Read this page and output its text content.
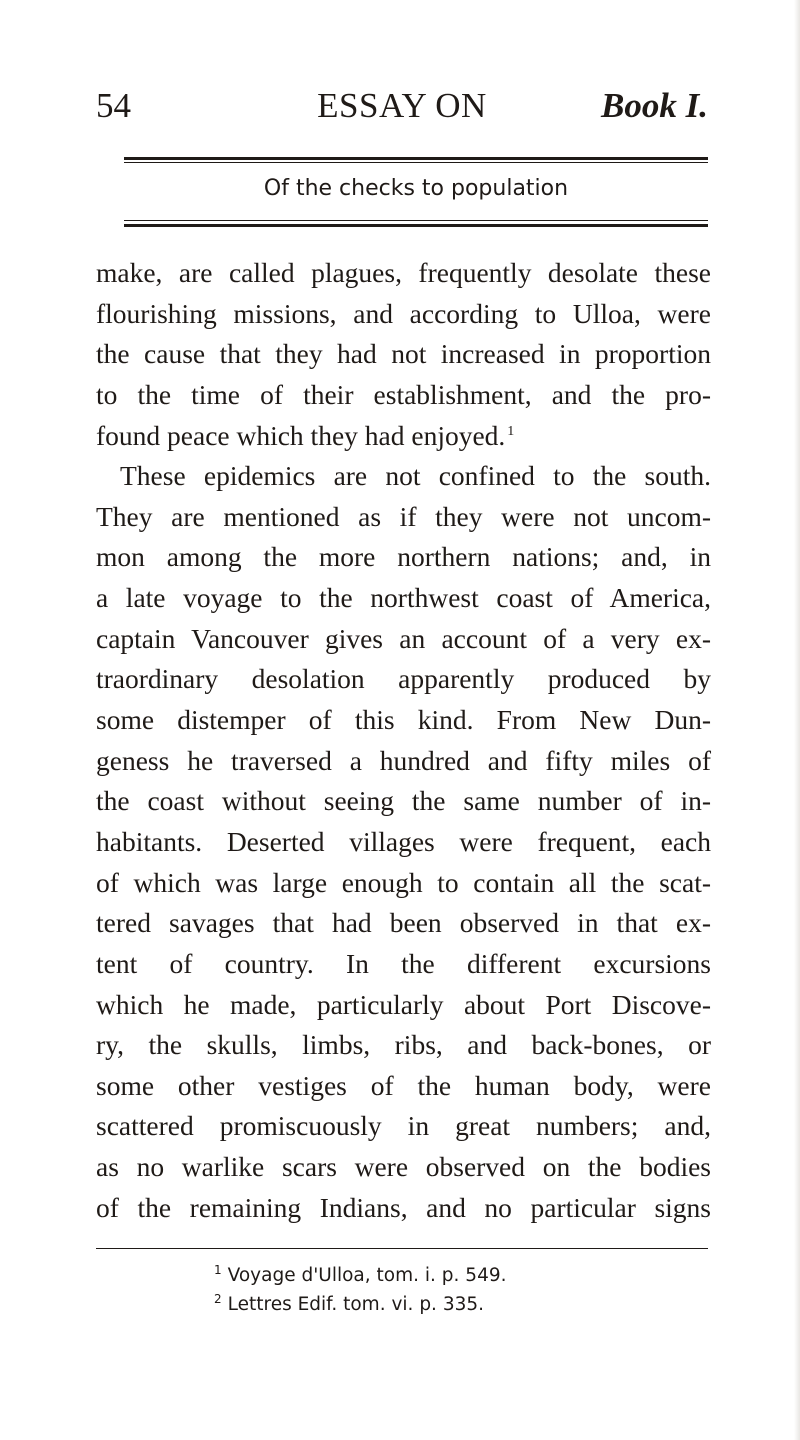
54	ESSAY ON	Book I.
Of the checks to population
make, are called plagues, frequently desolate these
flourishing missions, and according to Ulloa, were
the cause that they had not increased in proportion
to the time of their establishment, and the pro-
found peace which they had enjoyed. $^1$
These epidemics are not confined to the south.
They are mentioned as if they were not uncom-
mon among the more northern nations; and, in
a late voyage to the northwest coast of America,
captain Vancouver gives an account of a very ex-
traordinary desolation apparently produced by
some distemper of this kind. From New Dun-
geness he traversed a hundred and fifty miles of
the coast without seeing the same number of in-
habitants. Deserted villages were frequent, each
of which was large enough to contain all the scat-
tered savages that had been observed in that ex-
tent of country. In the different excursions
which he made, particularly about Port Discove-
ry, the skulls, limbs, ribs, and back-bones, or
some other vestiges of the human body, were
scattered promiscuously in great numbers; and,
as no warlike scars were observed on the bodies
of the remaining Indians, and no particular signs
$^1$ Voyage d'Ulloa, tom. i. p. 549.
$^2$ Lettres Edif. tom. vi. p. 335.
